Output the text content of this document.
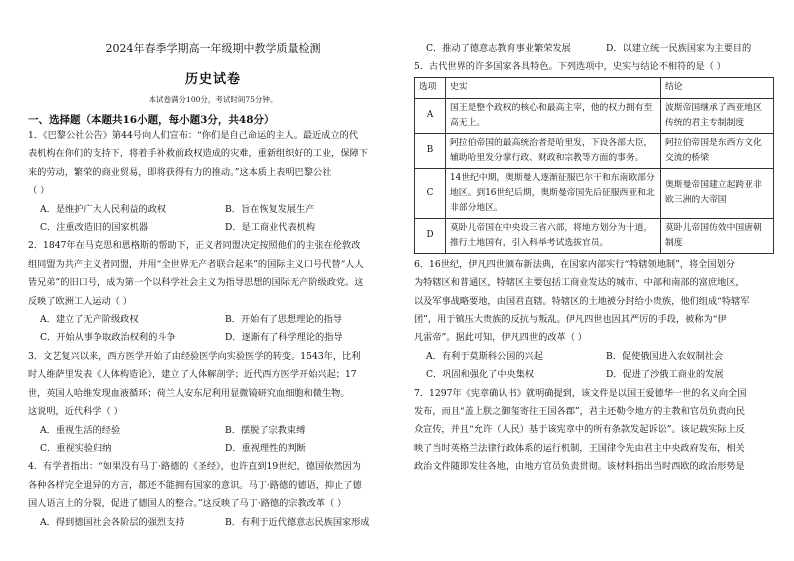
2024年春季学期高一年级期中教学质量检测
历史试卷
本试卷满分100分，考试时间75分钟。
一、选择题（本题共16小题，每小题3分，共48分）

1．《巴黎公社公告》第44号向人们宣布：“你们是自己命运的主人。最近成立的代

表机构在你们的支持下，将着手补救前政权造成的灾难，重新组织好的工业，保障下

来的劳动，繁荣的商业贸易，即将获得有力的推动。”这本质上表明巴黎公社

（ ）

A．是维护广大人民利益的政权	B．旨在恢复发展生产
C．注重改造旧的国家机器	D．是工商业代表机构

2．1847年在马克思和恩格斯的帮助下，正义者同盟决定按照他们的主张在伦敦改

组同盟为共产主义者同盟，并用“全世界无产者联合起来”的国际主义口号代替“人人

皆兄弟”的旧口号，成为第一个以科学社会主义为指导思想的国际无产阶级政党。这

反映了欧洲工人运动（ ）

A．建立了无产阶级政权	B．开始有了思想理论的指导
C．开始从事争取政治权利的斗争	D．逐渐有了科学理论的指导

3．文艺复兴以来，西方医学开始了由经验医学向实验医学的转变。1543年，比利

时人维萨里发表《人体构造论》，建立了人体解剖学；近代西方医学开始兴起；17

世，英国人哈维发现血液循环；荷兰人安东尼利用显微镜研究血细胞和微生物。

这说明，近代科学（ ）

A．重视生活的经验	B．摆脱了宗教束缚
C．重视实验归纳	D．重视理性的判断

4．有学者指出：“如果没有马丁·路德的《圣经》，也许直到19世纪，德国依然因为

各种各样完全退异的方言，都还不能拥有国家的意识。马丁·路德的德语，抑止了德

国人语言上的分裂，促进了德国人的整合。”这反映了马丁·路德的宗教改革（ ）

A．得到德国社会各阶层的强烈支持	B．有利于近代德意志民族国家形成
C．推动了德意志教育事业繁荣发展	D．以建立统一民族国家为主要目的

5．古代世界的许多国家各具特色。下列选项中，史实与结论不相符的是（ ）

选项	史实	结论
A	国王是整个政权的核心和最高主宰，他的权力拥有至高无上。	波斯帝国继承了西亚地区传统的君主专制制度
B	阿拉伯帝国的最高统治者是哈里发，下设各部大臣，辅助哈里发分掌行政、财政和宗教等方面的事务。	阿拉伯帝国是东西方文化交流的桥梁
C	14世纪中期，奥斯曼人逐渐征服巴尔干和东南欧部分地区。到16世纪后期，奥斯曼帝国先后征服西亚和北非部分地区。	奥斯曼帝国建立起跨亚非欧三洲的大帝国
D	莫卧儿帝国在中央设三省六部，将地方划分为十道，推行土地国有，引入科举考试选拔官员。	莫卧儿帝国仿效中国唐朝制度

6．16世纪，伊凡四世颁布新法典，在国家内部实行“特辖领地制”，将全国划分

为特辖区和普通区，特辖区主要包括工商业发达的城市、中部和南部的富庶地区，

以及军事战略要地，由国君直辖。特辖区的土地被分封给小贵族，他们组成“特辖军

团”，用于镇压大贵族的反抗与叛乱。伊凡四世也因其严厉的手段，被称为“伊

凡雷帝”。据此可知，伊凡四世的改革（ ）

A．有利于莫斯科公国的兴起	B．促使俄国进入农奴制社会
C．巩固和强化了中央集权	D．促进了沙俄工商业的发展

7．1297年《宪章确认书》就明确提到，该文件是以国王爱德华一世的名义向全国

发布，而且“盖上朕之御玺寄往王国各郡”，君主还勒令地方的主教和官员负责向民

众宣传，并且“允许（人民）基于该宪章中的所有条款发起诉讼”。该记载实际上反

映了当时英格兰法律行政体系的运行机制，王国律令先由君主中央政府发布，相关

政治文件随即发往各地，由地方官员负责贯彻。该材料指出当时西欧的政治形势是
